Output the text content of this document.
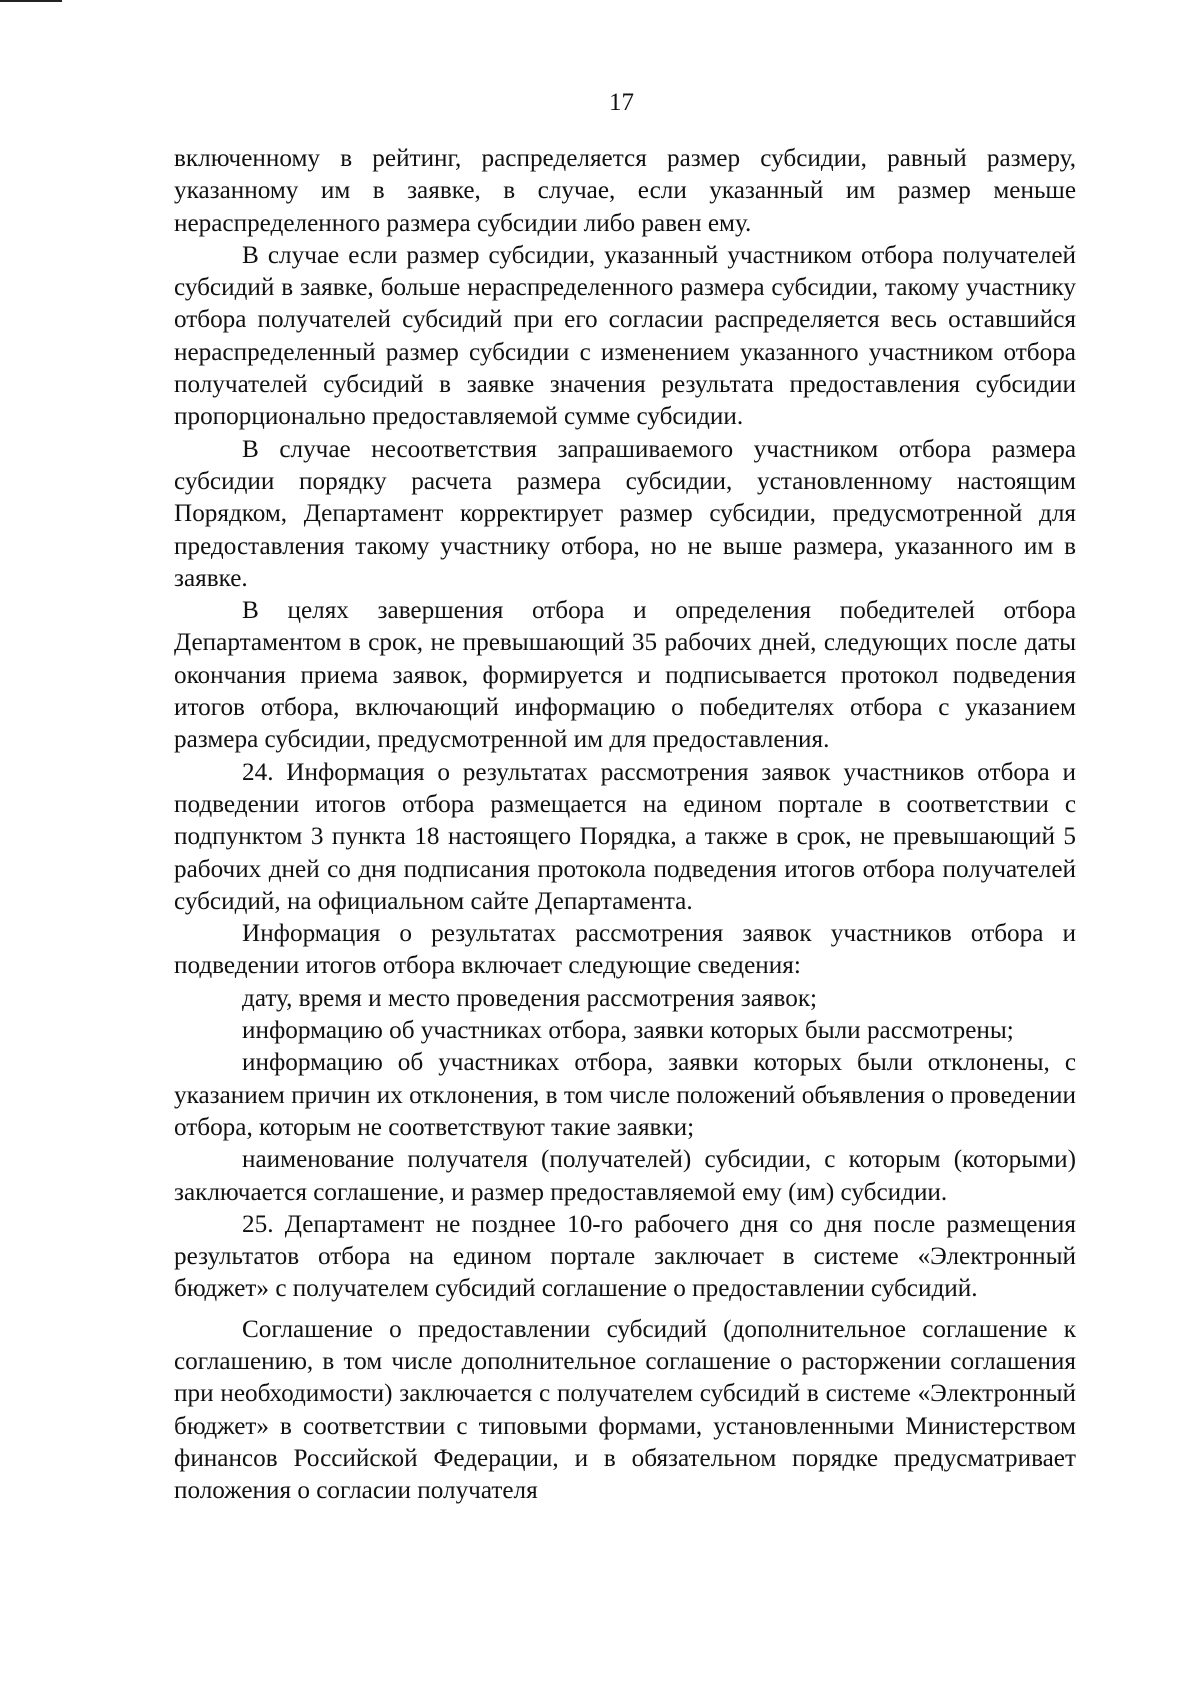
17

включенному в рейтинг, распределяется размер субсидии, равный размеру, указанному им в заявке, в случае, если указанный им размер меньше нераспределенного размера субсидии либо равен ему.

В случае если размер субсидии, указанный участником отбора получателей субсидий в заявке, больше нераспределенного размера субсидии, такому участнику отбора получателей субсидий при его согласии распределяется весь оставшийся нераспределенный размер субсидии с изменением указанного участником отбора получателей субсидий в заявке значения результата предоставления субсидии пропорционально предоставляемой сумме субсидии.

В случае несоответствия запрашиваемого участником отбора размера субсидии порядку расчета размера субсидии, установленному настоящим Порядком, Департамент корректирует размер субсидии, предусмотренной для предоставления такому участнику отбора, но не выше размера, указанного им в заявке.

В целях завершения отбора и определения победителей отбора Департаментом в срок, не превышающий 35 рабочих дней, следующих после даты окончания приема заявок, формируется и подписывается протокол подведения итогов отбора, включающий информацию о победителях отбора с указанием размера субсидии, предусмотренной им для предоставления.

24. Информация о результатах рассмотрения заявок участников отбора и подведении итогов отбора размещается на едином портале в соответствии с подпунктом 3 пункта 18 настоящего Порядка, а также в срок, не превышающий 5 рабочих дней со дня подписания протокола подведения итогов отбора получателей субсидий, на официальном сайте Департамента.

Информация о результатах рассмотрения заявок участников отбора и подведении итогов отбора включает следующие сведения:

дату, время и место проведения рассмотрения заявок;

информацию об участниках отбора, заявки которых были рассмотрены;

информацию об участниках отбора, заявки которых были отклонены, с указанием причин их отклонения, в том числе положений объявления о проведении отбора, которым не соответствуют такие заявки;

наименование получателя (получателей) субсидии, с которым (которыми) заключается соглашение, и размер предоставляемой ему (им) субсидии.

25. Департамент не позднее 10-го рабочего дня со дня после размещения результатов отбора на едином портале заключает в системе «Электронный бюджет» с получателем субсидий соглашение о предоставлении субсидий.

Соглашение о предоставлении субсидий (дополнительное соглашение к соглашению, в том числе дополнительное соглашение о расторжении соглашения при необходимости) заключается с получателем субсидий в системе «Электронный бюджет» в соответствии с типовыми формами, установленными Министерством финансов Российской Федерации, и в обязательном порядке предусматривает положения о согласии получателя
